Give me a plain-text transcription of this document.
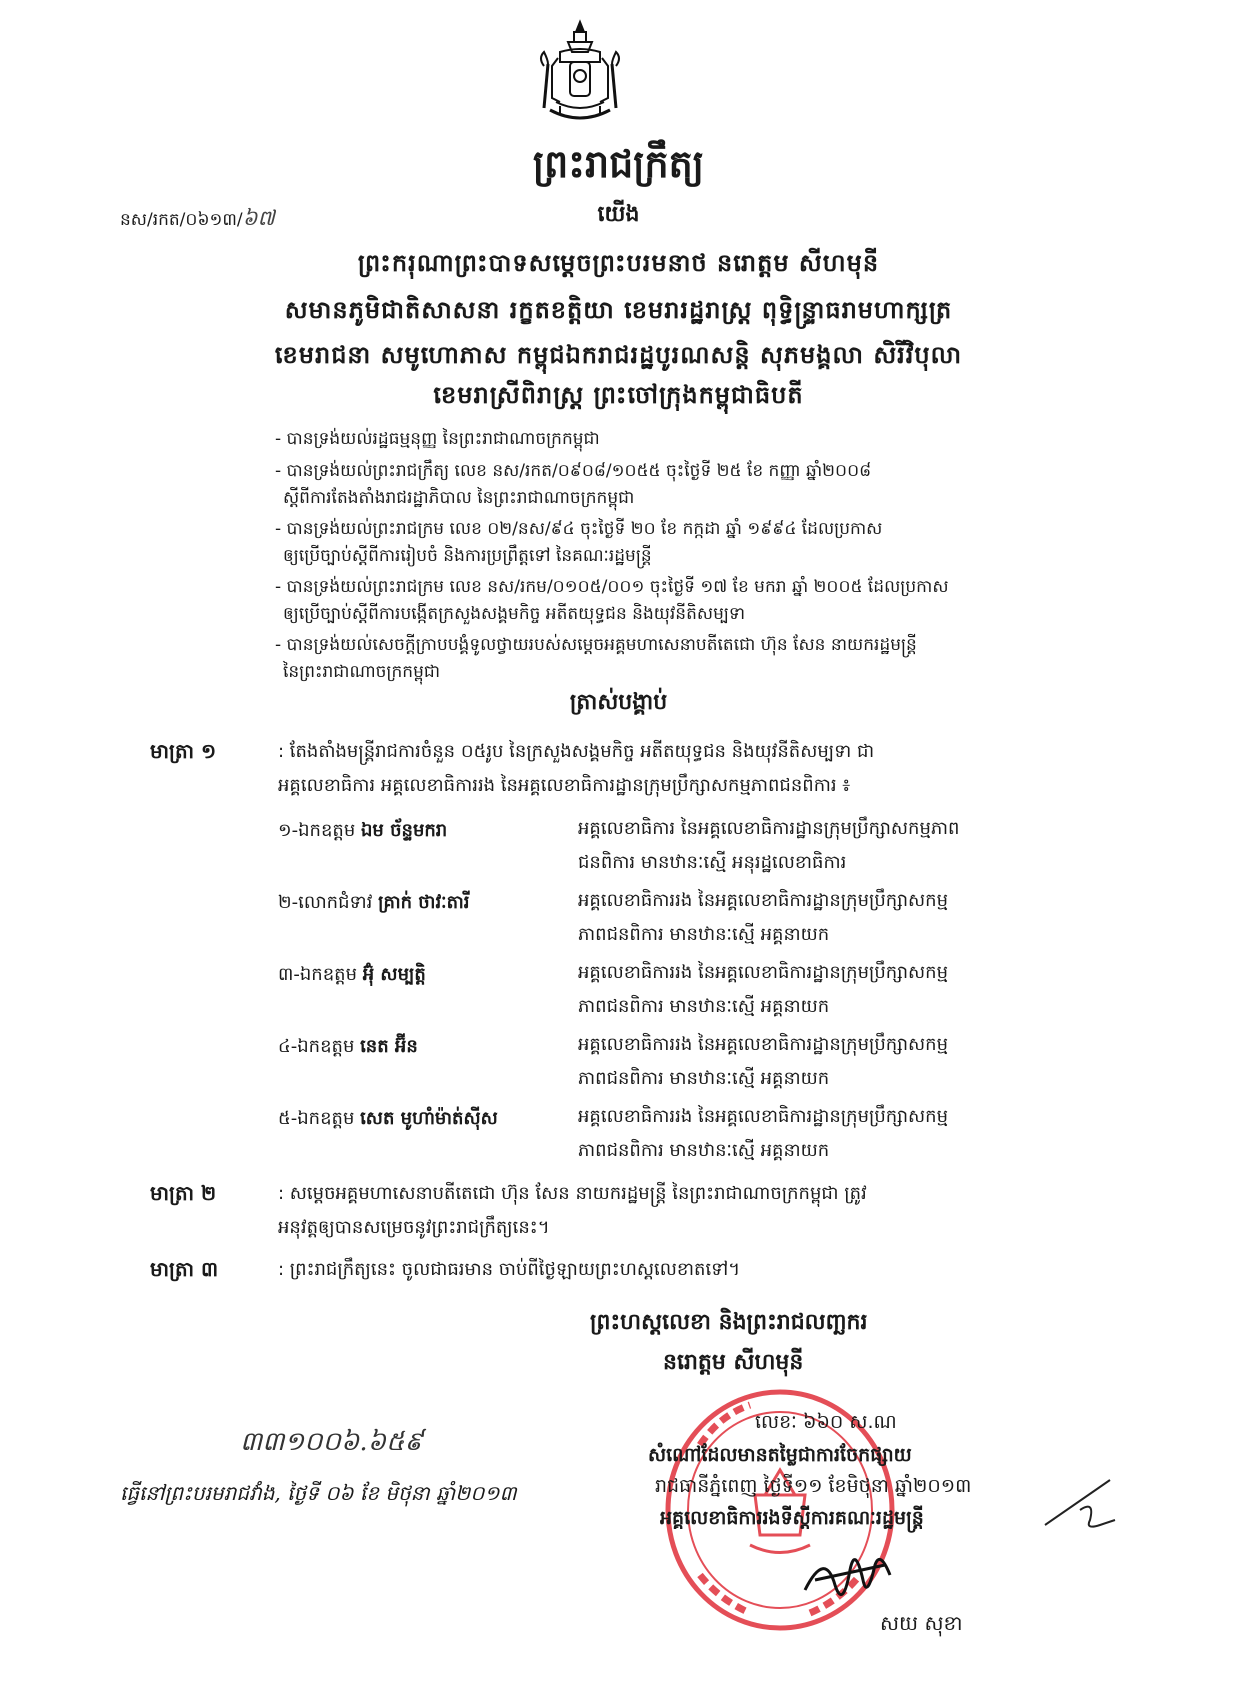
ព្រះរាជក្រឹត្យ
នស/រកត/០៦១៣/៦៧	យើង
ព្រះករុណាព្រះបាទសម្តេចព្រះបរមនាថ នរោត្តម សីហមុនី
សមានភូមិជាតិសាសនា រក្ខតខត្តិយា ខេមរារដ្ឋរាស្ត្រ ពុទ្ធិន្ទ្រាធរាមហាក្សត្រ
ខេមរាជនា សមូហោភាស កម្ពុជឯករាជរដ្ឋបូរណសន្តិ សុភមង្គលា សិរីវិបុលា
ខេមរាស្រីពិរាស្ត្រ ព្រះចៅក្រុងកម្ពុជាធិបតី
- បានទ្រង់យល់រដ្ឋធម្មនុញ្ញ នៃព្រះរាជាណាចក្រកម្ពុជា
- បានទ្រង់យល់ព្រះរាជក្រឹត្យ លេខ នស/រកត/០៩០៨/១០៥៥ ចុះថ្ងៃទី ២៥ ខែ កញ្ញា ឆ្នាំ២០០៨
ស្តីពីការតែងតាំងរាជរដ្ឋាភិបាល នៃព្រះរាជាណាចក្រកម្ពុជា
- បានទ្រង់យល់ព្រះរាជក្រម លេខ ០២/នស/៩៤ ចុះថ្ងៃទី ២០ ខែ កក្កដា ឆ្នាំ ១៩៩៤ ដែលប្រកាស
ឲ្យប្រើច្បាប់ស្តីពីការរៀបចំ និងការប្រព្រឹត្តទៅ នៃគណៈរដ្ឋមន្ត្រី
- បានទ្រង់យល់ព្រះរាជក្រម លេខ នស/រកម/០១០៥/០០១ ចុះថ្ងៃទី ១៧ ខែ មករា ឆ្នាំ ២០០៥ ដែលប្រកាស
ឲ្យប្រើច្បាប់ស្តីពីការបង្កើតក្រសួងសង្គមកិច្ច អតីតយុទ្ធជន និងយុវនីតិសម្បទា
- បានទ្រង់យល់សេចក្តីក្រាបបង្គំទូលថ្វាយរបស់សម្តេចអគ្គមហាសេនាបតីតេជោ ហ៊ុន សែន នាយករដ្ឋមន្ត្រី
នៃព្រះរាជាណាចក្រកម្ពុជា
ត្រាស់បង្គាប់
មាត្រា ១	: តែងតាំងមន្ត្រីរាជការចំនួន ០៥រូប នៃក្រសួងសង្គមកិច្ច អតីតយុទ្ធជន និងយុវនីតិសម្បទា ជា
អគ្គលេខាធិការ អគ្គលេខាធិការរង នៃអគ្គលេខាធិការដ្ឋានក្រុមប្រឹក្សាសកម្មភាពជនពិការ ៖
១-ឯកឧត្តម ឯម ច័ន្ទមករា	អគ្គលេខាធិការ នៃអគ្គលេខាធិការដ្ឋានក្រុមប្រឹក្សាសកម្មភាព
ជនពិការ មានឋានៈស្មើ អនុរដ្ឋលេខាធិការ
២-លោកជំទាវ គ្រាក់ ថាវៈតារី	អគ្គលេខាធិការរង នៃអគ្គលេខាធិការដ្ឋានក្រុមប្រឹក្សាសកម្ម
ភាពជនពិការ មានឋានៈស្មើ អគ្គនាយក
៣-ឯកឧត្តម អ៊ុំ សម្បត្តិ	អគ្គលេខាធិការរង នៃអគ្គលេខាធិការដ្ឋានក្រុមប្រឹក្សាសកម្ម
ភាពជនពិការ មានឋានៈស្មើ អគ្គនាយក
៤-ឯកឧត្តម នេត អ៊ីន	អគ្គលេខាធិការរង នៃអគ្គលេខាធិការដ្ឋានក្រុមប្រឹក្សាសកម្ម
ភាពជនពិការ មានឋានៈស្មើ អគ្គនាយក
៥-ឯកឧត្តម សេត មូហាំម៉ាត់ស៊ីស	អគ្គលេខាធិការរង នៃអគ្គលេខាធិការដ្ឋានក្រុមប្រឹក្សាសកម្ម
ភាពជនពិការ មានឋានៈស្មើ អគ្គនាយក
មាត្រា ២	: សម្តេចអគ្គមហាសេនាបតីតេជោ ហ៊ុន សែន នាយករដ្ឋមន្ត្រី នៃព្រះរាជាណាចក្រកម្ពុជា ត្រូវ
អនុវត្តឲ្យបានសម្រេចនូវព្រះរាជក្រឹត្យនេះ។
មាត្រា ៣	: ព្រះរាជក្រឹត្យនេះ ចូលជាធរមាន ចាប់ពីថ្ងៃឡាយព្រះហស្តលេខាតទៅ។
ព្រះហស្តលេខា និងព្រះរាជលញ្ឆករ
នរោត្តម សីហមុនី
៣៣១០០៦.៦៥៩
ធ្វើនៅព្រះបរមរាជវាំង, ថ្ងៃទី ០៦ ខែ មិថុនា ឆ្នាំ២០១៣
លេខៈ ៦៦០ ស.ណ
សំណៅដែលមានតម្លៃជាការចែកផ្សាយ
រាជធានីភ្នំពេញ ថ្ងៃទី១១ ខែមិថុនា ឆ្នាំ២០១៣
អគ្គលេខាធិការរងទីស្តីការគណៈរដ្ឋមន្ត្រី
សយ សុខា
